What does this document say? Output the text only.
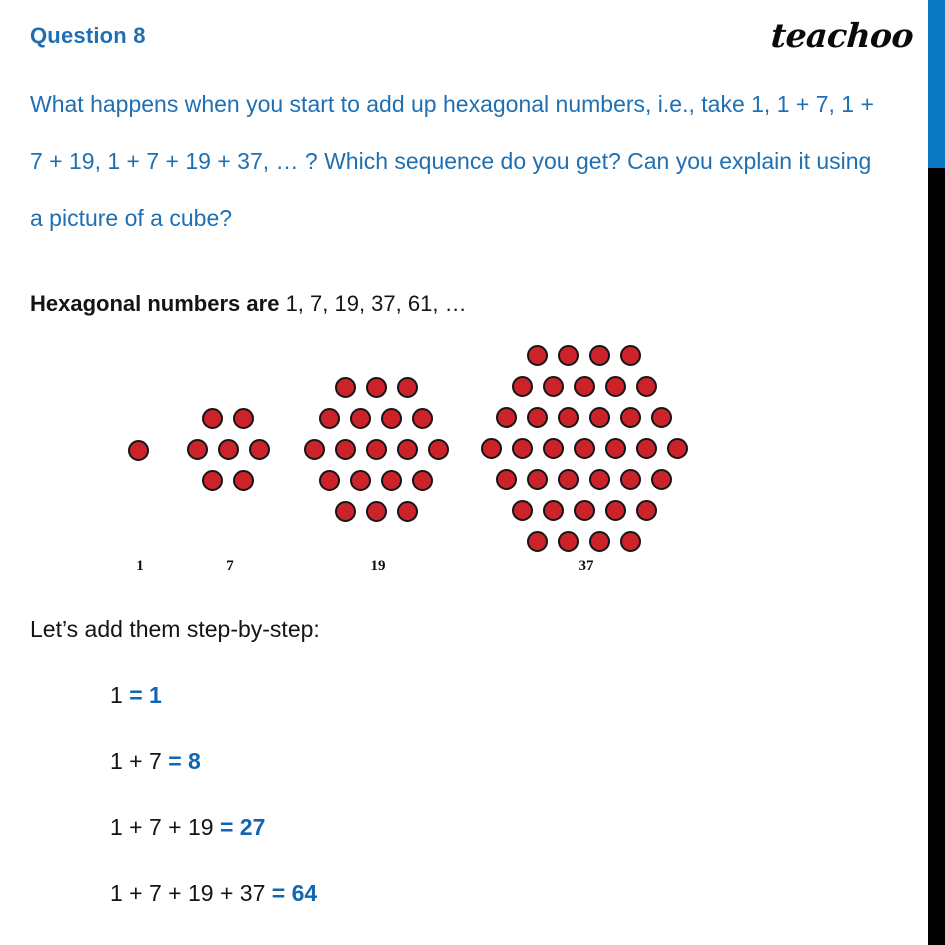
Question 8	teachoo
What happens when you start to add up hexagonal numbers, i.e., take 1, 1 + 7, 1 + 7 + 19, 1 + 7 + 19 + 37, … ? Which sequence do you get? Can you explain it using a picture of a cube?
Hexagonal numbers are 1, 7, 19, 37, 61, …
1	7	19	37
Let’s add them step-by-step:
1 = 1
1 + 7 = 8
1 + 7 + 19 = 27
1 + 7 + 19 + 37 = 64
